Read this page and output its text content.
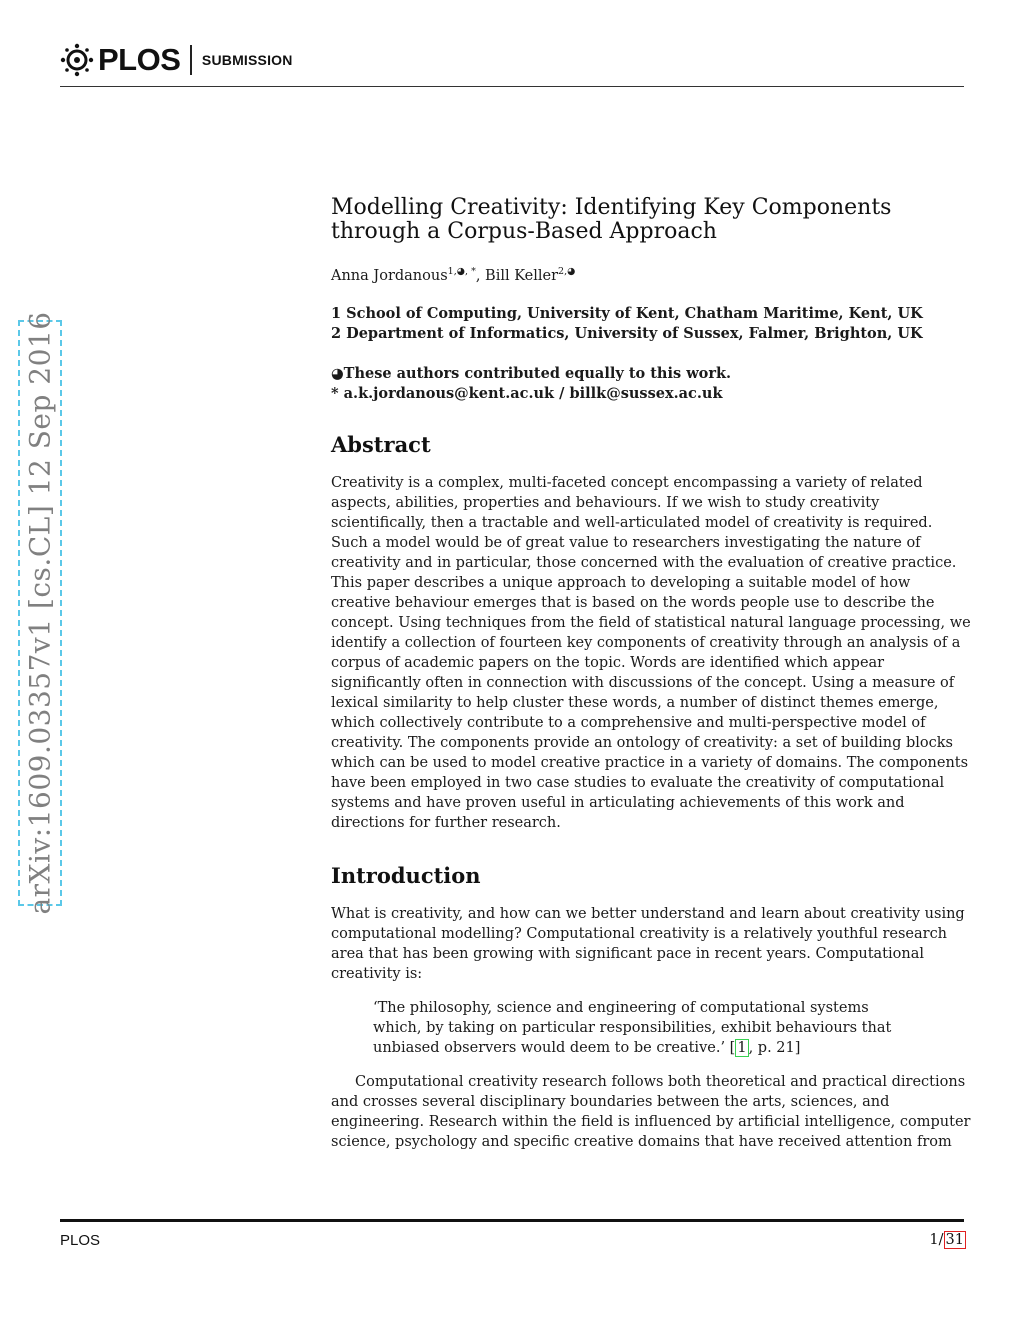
PLOS SUBMISSION
arXiv:1609.03357v1 [cs.CL] 12 Sep 2016
Modelling Creativity: Identifying Key Components through a Corpus-Based Approach
Anna Jordanous$^{1,◕, *}$, Bill Keller$^{2,◕}$
1 School of Computing, University of Kent, Chatham Maritime, Kent, UK
2 Department of Informatics, University of Sussex, Falmer, Brighton, UK
◕These authors contributed equally to this work.
* a.k.jordanous@kent.ac.uk / billk@sussex.ac.uk
Abstract
Creativity is a complex, multi-faceted concept encompassing a variety of related aspects, abilities, properties and behaviours. If we wish to study creativity scientifically, then a tractable and well-articulated model of creativity is required. Such a model would be of great value to researchers investigating the nature of creativity and in particular, those concerned with the evaluation of creative practice. This paper describes a unique approach to developing a suitable model of how creative behaviour emerges that is based on the words people use to describe the concept. Using techniques from the field of statistical natural language processing, we identify a collection of fourteen key components of creativity through an analysis of a corpus of academic papers on the topic. Words are identified which appear significantly often in connection with discussions of the concept. Using a measure of lexical similarity to help cluster these words, a number of distinct themes emerge, which collectively contribute to a comprehensive and multi-perspective model of creativity. The components provide an ontology of creativity: a set of building blocks which can be used to model creative practice in a variety of domains. The components have been employed in two case studies to evaluate the creativity of computational systems and have proven useful in articulating achievements of this work and directions for further research.
Introduction
What is creativity, and how can we better understand and learn about creativity using computational modelling? Computational creativity is a relatively youthful research area that has been growing with significant pace in recent years. Computational creativity is:
‘The philosophy, science and engineering of computational systems which, by taking on particular responsibilities, exhibit behaviours that unbiased observers would deem to be creative.’ [ 1 , p. 21]
Computational creativity research follows both theoretical and practical directions and crosses several disciplinary boundaries between the arts, sciences, and engineering. Research within the field is influenced by artificial intelligence, computer science, psychology and specific creative domains that have received attention from
PLOS	1/ 31
